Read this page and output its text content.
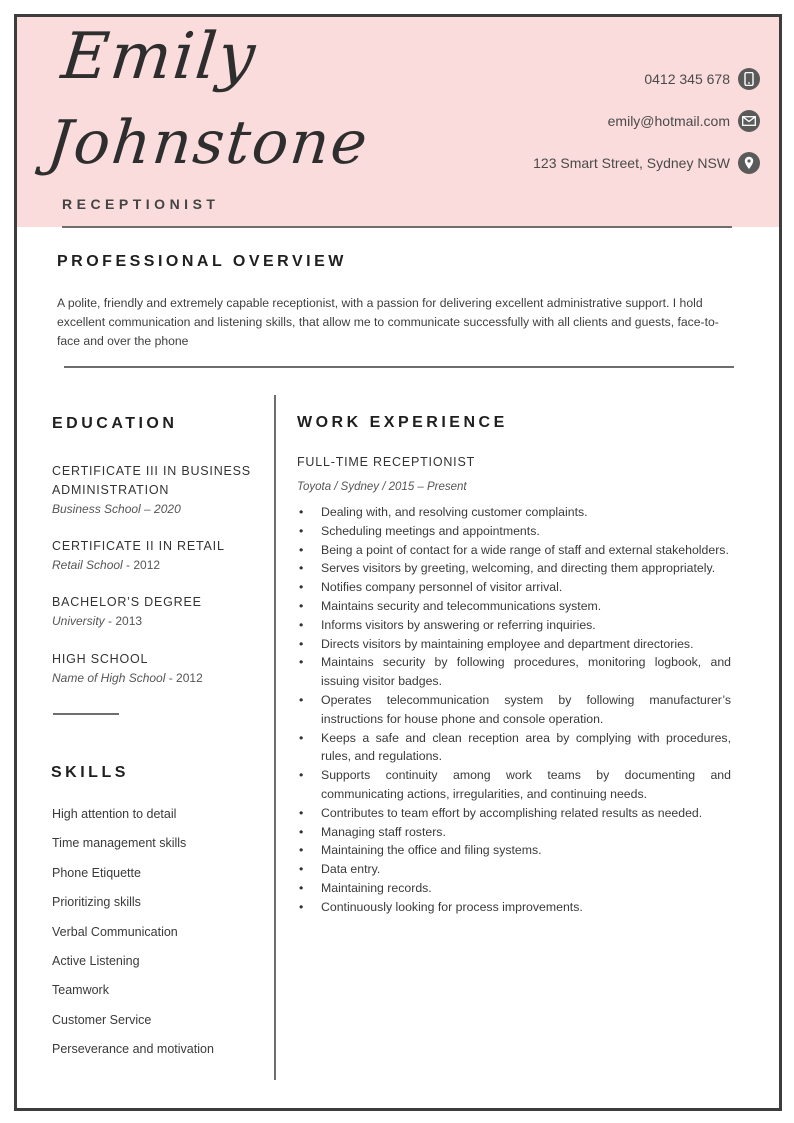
Emily
Johnstone
RECEPTIONIST
0412 345 678
emily@hotmail.com
123 Smart Street, Sydney NSW
PROFESSIONAL OVERVIEW
A polite, friendly and extremely capable receptionist, with a passion for delivering excellent administrative support. I hold excellent communication and listening skills, that allow me to communicate successfully with all clients and guests, face-to-face and over the phone
EDUCATION
CERTIFICATE III IN BUSINESS ADMINISTRATION
Business School – 2020
CERTIFICATE II IN RETAIL
Retail School - 2012
BACHELOR’S DEGREE
University - 2013
HIGH SCHOOL
Name of High School - 2012
SKILLS
High attention to detail
Time management skills
Phone Etiquette
Prioritizing skills
Verbal Communication
Active Listening
Teamwork
Customer Service
Perseverance and motivation
WORK EXPERIENCE
FULL-TIME RECEPTIONIST
Toyota / Sydney / 2015 – Present
• Dealing with, and resolving customer complaints.
• Scheduling meetings and appointments.
• Being a point of contact for a wide range of staff and external stakeholders.
• Serves visitors by greeting, welcoming, and directing them appropriately.
• Notifies company personnel of visitor arrival.
• Maintains security and telecommunications system.
• Informs visitors by answering or referring inquiries.
• Directs visitors by maintaining employee and department directories.
• Maintains security by following procedures, monitoring logbook, and issuing visitor badges.
• Operates telecommunication system by following manufacturer’s instructions for house phone and console operation.
• Keeps a safe and clean reception area by complying with procedures, rules, and regulations.
• Supports continuity among work teams by documenting and communicating actions, irregularities, and continuing needs.
• Contributes to team effort by accomplishing related results as needed.
• Managing staff rosters.
• Maintaining the office and filing systems.
• Data entry.
• Maintaining records.
• Continuously looking for process improvements.
